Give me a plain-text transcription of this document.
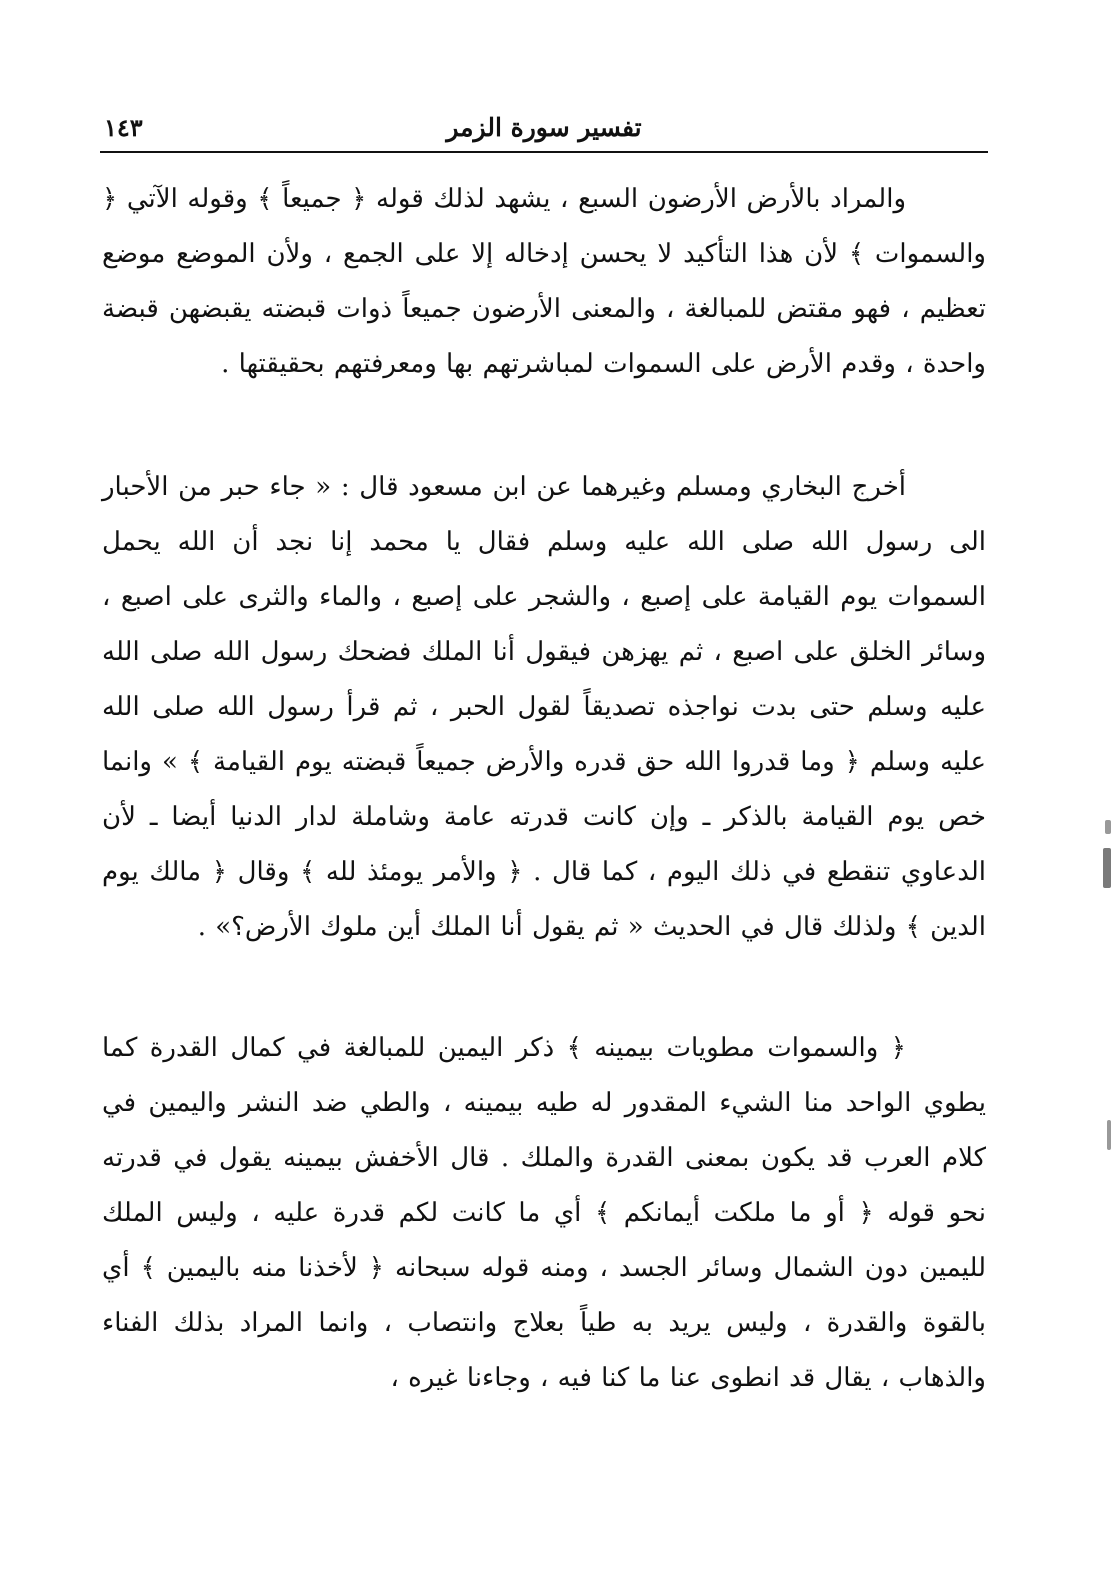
تفسير سورة الزمر
١٤٣

والمراد بالأرض الأرضون السبع ، يشهد لذلك قوله ﴿ جميعاً ﴾ وقوله الآتي ﴿ والسموات ﴾ لأن هذا التأكيد لا يحسن إدخاله إلا على الجمع ، ولأن الموضع موضع تعظيم ، فهو مقتض للمبالغة ، والمعنى الأرضون جميعاً ذوات قبضته يقبضهن قبضة واحدة ، وقدم الأرض على السموات لمباشرتهم بها ومعرفتهم بحقيقتها .

أخرج البخاري ومسلم وغيرهما عن ابن مسعود قال : « جاء حبر من الأحبار الى رسول الله صلى الله عليه وسلم فقال يا محمد إنا نجد أن الله يحمل السموات يوم القيامة على إصبع ، والشجر على إصبع ، والماء والثرى على اصبع ، وسائر الخلق على اصبع ، ثم يهزهن فيقول أنا الملك فضحك رسول الله صلى الله عليه وسلم حتى بدت نواجذه تصديقاً لقول الحبر ، ثم قرأ رسول الله صلى الله عليه وسلم ﴿ وما قدروا الله حق قدره والأرض جميعاً قبضته يوم القيامة ﴾ » وانما خص يوم القيامة بالذكر ـ وإن كانت قدرته عامة وشاملة لدار الدنيا أيضا ـ لأن الدعاوي تنقطع في ذلك اليوم ، كما قال . ﴿ والأمر يومئذ لله ﴾ وقال ﴿ مالك يوم الدين ﴾ ولذلك قال في الحديث « ثم يقول أنا الملك أين ملوك الأرض؟» .

﴿ والسموات مطويات بيمينه ﴾ ذكر اليمين للمبالغة في كمال القدرة كما يطوي الواحد منا الشيء المقدور له طيه بيمينه ، والطي ضد النشر واليمين في كلام العرب قد يكون بمعنى القدرة والملك . قال الأخفش بيمينه يقول في قدرته نحو قوله ﴿ أو ما ملكت أيمانكم ﴾ أي ما كانت لكم قدرة عليه ، وليس الملك لليمين دون الشمال وسائر الجسد ، ومنه قوله سبحانه ﴿ لأخذنا منه باليمين ﴾ أي بالقوة والقدرة ، وليس يريد به طياً بعلاج وانتصاب ، وانما المراد بذلك الفناء والذهاب ، يقال قد انطوى عنا ما كنا فيه ، وجاءنا غيره ،
